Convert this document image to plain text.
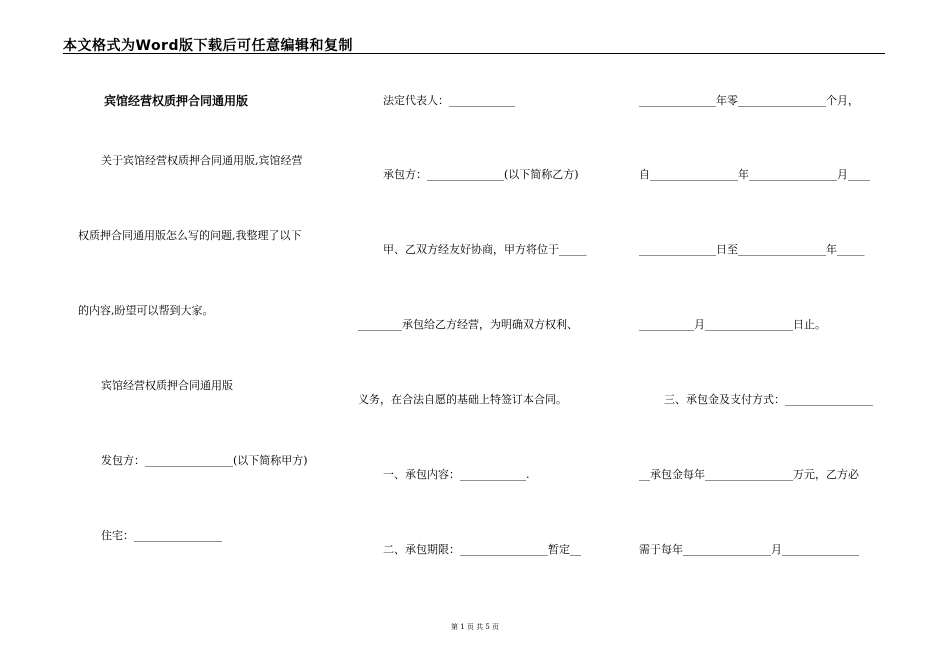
本文格式为Word版下载后可任意编辑和复制
宾馆经营权质押合同通用版
关于宾馆经营权质押合同通用版,宾馆经营
权质押合同通用版怎么写的问题,我整理了以下
的内容,盼望可以帮到大家。
宾馆经营权质押合同通用版
发包方：________________(以下简称甲方)
住宅：________________
法定代表人：____________
承包方：______________(以下简称乙方)
甲、乙双方经友好协商，甲方将位于_____
________承包给乙方经营，为明确双方权利、
义务，在合法自愿的基础上特签订本合同。
一、承包内容：____________.
二、承包期限：________________暂定__
______________年零________________个月，
自________________年________________月____
______________日至________________年_____
__________月________________日止。
三、承包金及支付方式：________________
__承包金每年________________万元，乙方必
需于每年________________月______________
第 1 页 共 5 页
